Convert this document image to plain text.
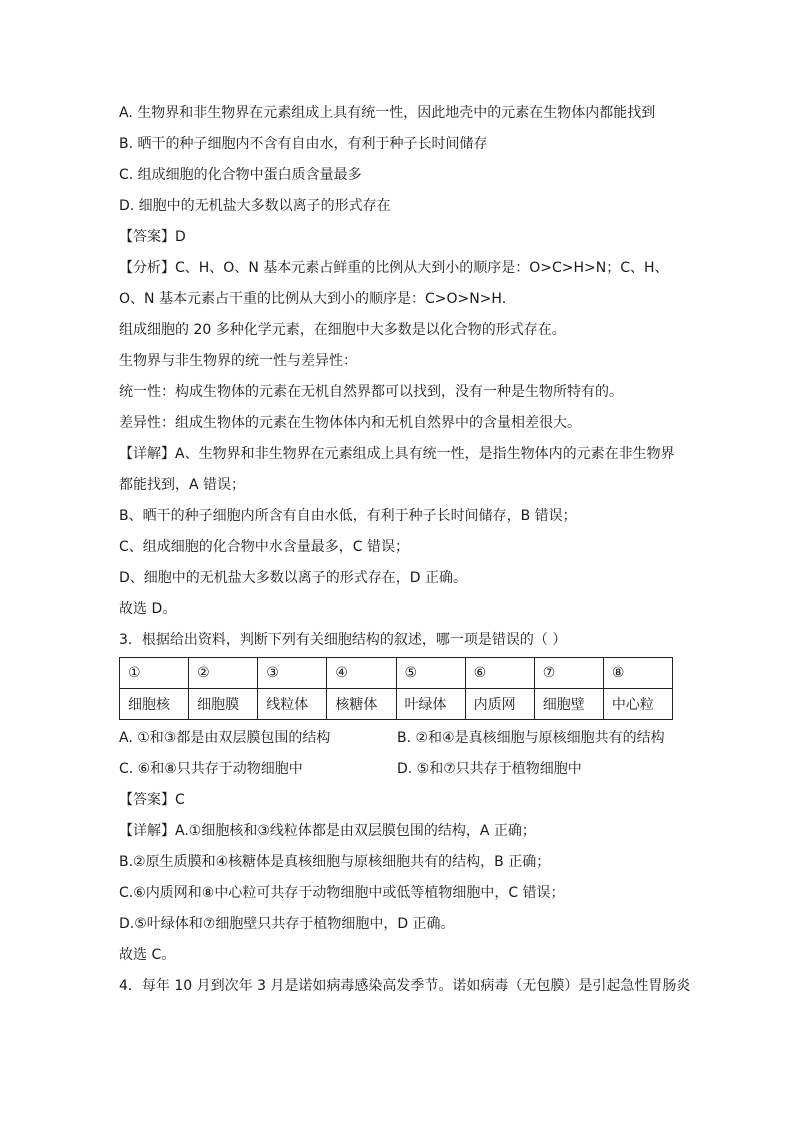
A. 生物界和非生物界在元素组成上具有统一性，因此地壳中的元素在生物体内都能找到
B. 晒干的种子细胞内不含有自由水，有利于种子长时间储存
C. 组成细胞的化合物中蛋白质含量最多
D. 细胞中的无机盐大多数以离子的形式存在
【答案】D
【分析】C、H、O、N 基本元素占鲜重的比例从大到小的顺序是：O>C>H>N；C、H、
O、N 基本元素占干重的比例从大到小的顺序是：C>O>N>H．
组成细胞的 20 多种化学元素，在细胞中大多数是以化合物的形式存在。
生物界与非生物界的统一性与差异性：
统一性：构成生物体的元素在无机自然界都可以找到，没有一种是生物所特有的。
差异性：组成生物体的元素在生物体体内和无机自然界中的含量相差很大。
【详解】A、生物界和非生物界在元素组成上具有统一性，是指生物体内的元素在非生物界
都能找到，A 错误；
B、晒干的种子细胞内所含有自由水低，有利于种子长时间储存，B 错误；
C、组成细胞的化合物中水含量最多，C 错误；
D、细胞中的无机盐大多数以离子的形式存在，D 正确。
故选 D。
3．根据给出资料，判断下列有关细胞结构的叙述，哪一项是错误的（ ）
①	②	③	④	⑤	⑥	⑦	⑧
细胞核	细胞膜	线粒体	核糖体	叶绿体	内质网	细胞壁	中心粒
A. ①和③都是由双层膜包围的结构	B. ②和④是真核细胞与原核细胞共有的结构
C. ⑥和⑧只共存于动物细胞中	D. ⑤和⑦只共存于植物细胞中
【答案】C
【详解】A.①细胞核和③线粒体都是由双层膜包围的结构，A 正确；
B.②原生质膜和④核糖体是真核细胞与原核细胞共有的结构，B 正确；
C.⑥内质网和⑧中心粒可共存于动物细胞中或低等植物细胞中，C 错误；
D.⑤叶绿体和⑦细胞壁只共存于植物细胞中，D 正确。
故选 C。
4．每年 10 月到次年 3 月是诺如病毒感染高发季节。诺如病毒（无包膜）是引起急性胃肠炎
